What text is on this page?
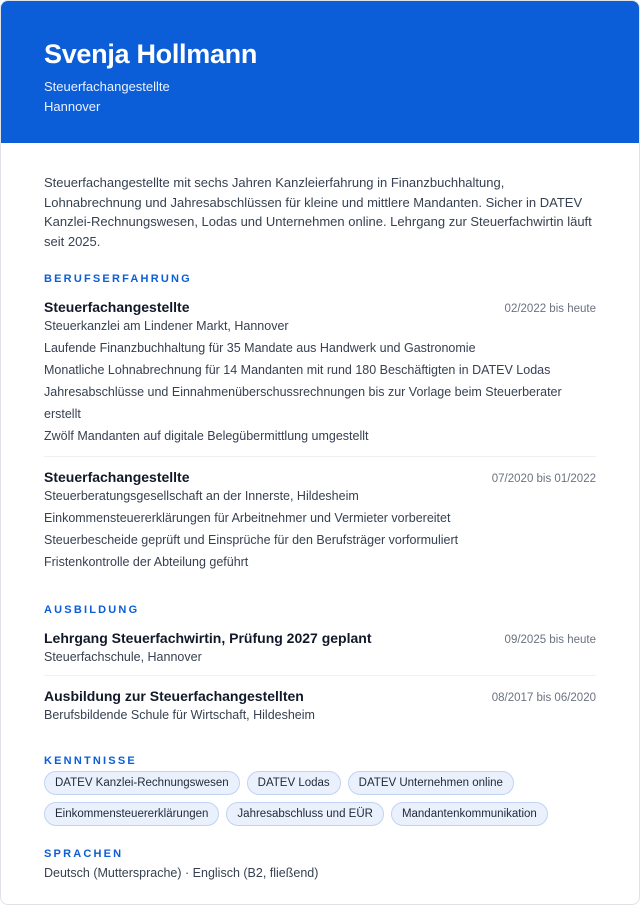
Svenja Hollmann
Steuerfachangestellte
Hannover

Steuerfachangestellte mit sechs Jahren Kanzleierfahrung in Finanzbuchhaltung, Lohnabrechnung und Jahresabschlüssen für kleine und mittlere Mandanten. Sicher in DATEV Kanzlei-Rechnungswesen, Lodas und Unternehmen online. Lehrgang zur Steuerfachwirtin läuft seit 2025.

BERUFSERFAHRUNG
Steuerfachangestellte	02/2022 bis heute
Steuerkanzlei am Lindener Markt, Hannover
Laufende Finanzbuchhaltung für 35 Mandate aus Handwerk und Gastronomie
Monatliche Lohnabrechnung für 14 Mandanten mit rund 180 Beschäftigten in DATEV Lodas
Jahresabschlüsse und Einnahmenüberschussrechnungen bis zur Vorlage beim Steuerberater erstellt
Zwölf Mandanten auf digitale Belegübermittlung umgestellt
Steuerfachangestellte	07/2020 bis 01/2022
Steuerberatungsgesellschaft an der Innerste, Hildesheim
Einkommensteuererklärungen für Arbeitnehmer und Vermieter vorbereitet
Steuerbescheide geprüft und Einsprüche für den Berufsträger vorformuliert
Fristenkontrolle der Abteilung geführt
AUSBILDUNG
Lehrgang Steuerfachwirtin, Prüfung 2027 geplant	09/2025 bis heute
Steuerfachschule, Hannover
Ausbildung zur Steuerfachangestellten	08/2017 bis 06/2020
Berufsbildende Schule für Wirtschaft, Hildesheim
KENNTNISSE
DATEV Kanzlei-Rechnungswesen	DATEV Lodas	DATEV Unternehmen online
Einkommensteuererklärungen	Jahresabschluss und EÜR	Mandantenkommunikation
SPRACHEN
Deutsch (Muttersprache) · Englisch (B2, fließend)
